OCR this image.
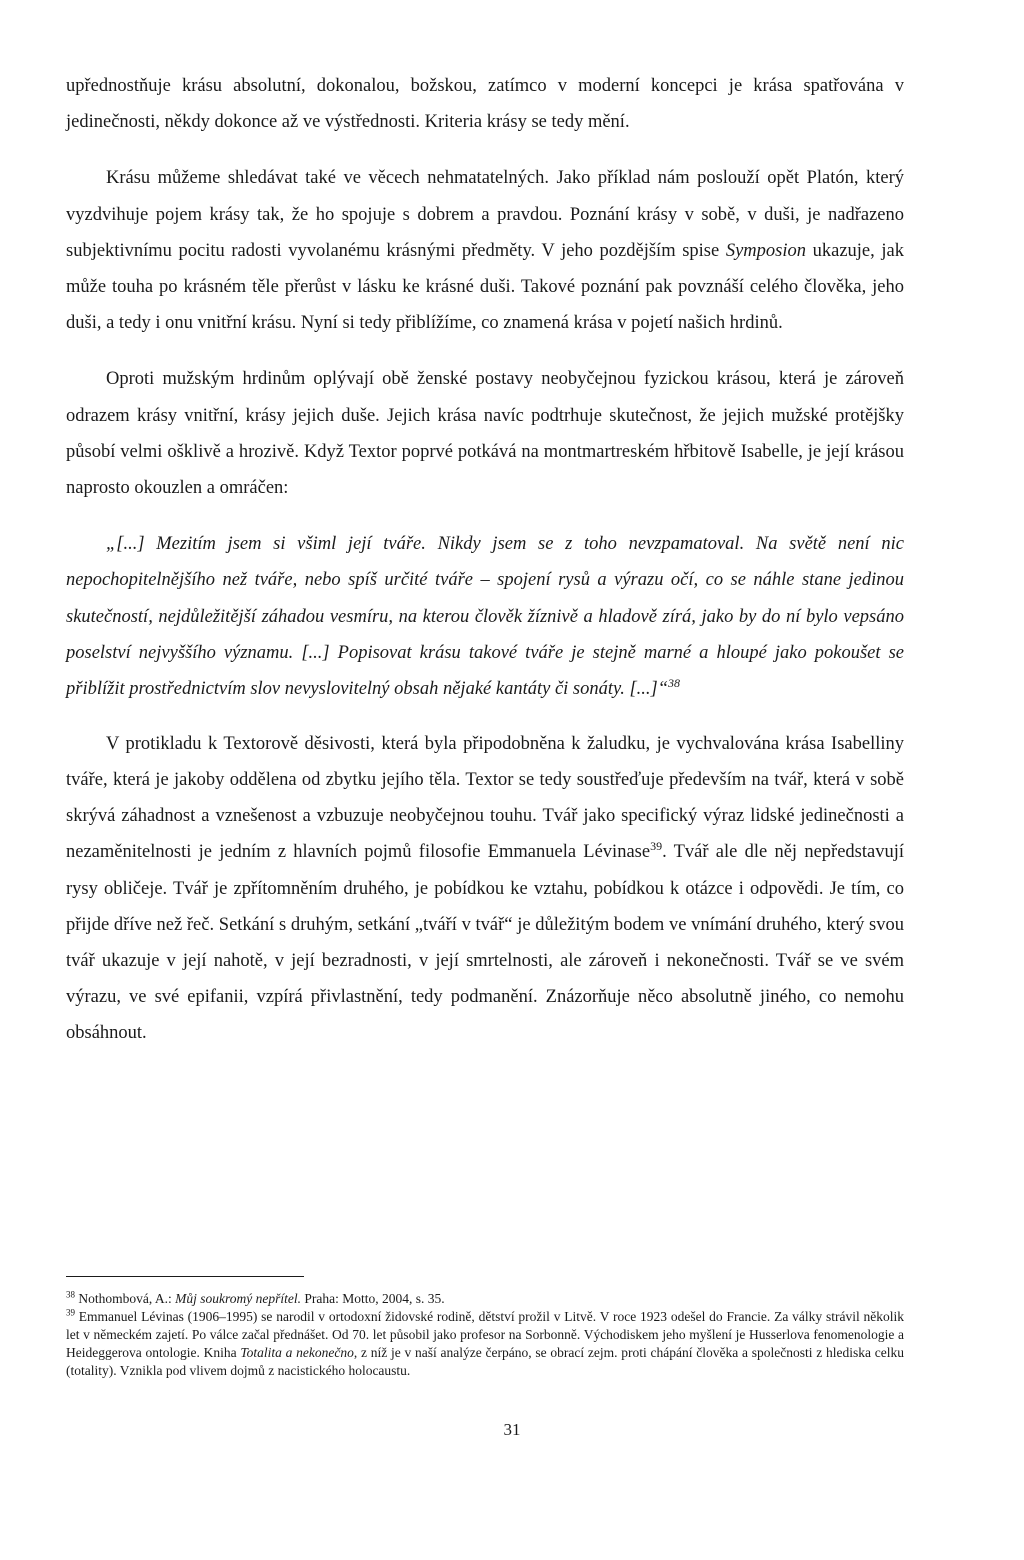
upřednostňuje krásu absolutní, dokonalou, božskou, zatímco v moderní koncepci je krása spatřována v jedinečnosti, někdy dokonce až ve výstřednosti. Kriteria krásy se tedy mění.

Krásu můžeme shledávat také ve věcech nehmatatelných. Jako příklad nám poslouží opět Platón, který vyzdvihuje pojem krásy tak, že ho spojuje s dobrem a pravdou. Poznání krásy v sobě, v duši, je nadřazeno subjektivnímu pocitu radosti vyvolanému krásnými předměty. V jeho pozdějším spise Symposion ukazuje, jak může touha po krásném těle přerůst v lásku ke krásné duši. Takové poznání pak povznáší celého člověka, jeho duši, a tedy i onu vnitřní krásu. Nyní si tedy přiblížíme, co znamená krása v pojetí našich hrdinů.

Oproti mužským hrdinům oplývají obě ženské postavy neobyčejnou fyzickou krásou, která je zároveň odrazem krásy vnitřní, krásy jejich duše. Jejich krása navíc podtrhuje skutečnost, že jejich mužské protějšky působí velmi ošklivě a hrozivě. Když Textor poprvé potkává na montmartreském hřbitově Isabelle, je její krásou naprosto okouzlen a omráčen:

„[...] Mezitím jsem si všiml její tváře. Nikdy jsem se z toho nevzpamatoval. Na světě není nic nepochopitelnějšího než tváře, nebo spíš určité tváře – spojení rysů a výrazu očí, co se náhle stane jedinou skutečností, nejdůležitější záhadou vesmíru, na kterou člověk žíznivě a hladově zírá, jako by do ní bylo vepsáno poselství nejvyššího významu. [...] Popisovat krásu takové tváře je stejně marné a hloupé jako pokoušet se přiblížit prostřednictvím slov nevyslovitelný obsah nějaké kantáty či sonáty. [...]“$^{38}$

V protikladu k Textorově děsivosti, která byla připodobněna k žaludku, je vychvalována krása Isabelliny tváře, která je jakoby oddělena od zbytku jejího těla. Textor se tedy soustřeďuje především na tvář, která v sobě skrývá záhadnost a vznešenost a vzbuzuje neobyčejnou touhu. Tvář jako specifický výraz lidské jedinečnosti a nezaměnitelnosti je jedním z hlavních pojmů filosofie Emmanuela Lévinase$^{39}$. Tvář ale dle něj nepředstavují rysy obličeje. Tvář je zpřítomněním druhého, je pobídkou ke vztahu, pobídkou k otázce i odpovědi. Je tím, co přijde dříve než řeč. Setkání s druhým, setkání „tváří v tvář“ je důležitým bodem ve vnímání druhého, který svou tvář ukazuje v její nahotě, v její bezradnosti, v její smrtelnosti, ale zároveň i nekonečnosti. Tvář se ve svém výrazu, ve své epifanii, vzpírá přivlastnění, tedy podmanění. Znázorňuje něco absolutně jiného, co nemohu obsáhnout.

$^{38}$ Nothombová, A.: Můj soukromý nepřítel. Praha: Motto, 2004, s. 35.

$^{39}$ Emmanuel Lévinas (1906–1995) se narodil v ortodoxní židovské rodině, dětství prožil v Litvě. V roce 1923 odešel do Francie. Za války strávil několik let v německém zajetí. Po válce začal přednášet. Od 70. let působil jako profesor na Sorbonně. Východiskem jeho myšlení je Husserlova fenomenologie a Heideggerova ontologie. Kniha Totalita a nekonečno, z níž je v naší analýze čerpáno, se obrací zejm. proti chápání člověka a společnosti z hlediska celku (totality). Vznikla pod vlivem dojmů z nacistického holocaustu.

31
